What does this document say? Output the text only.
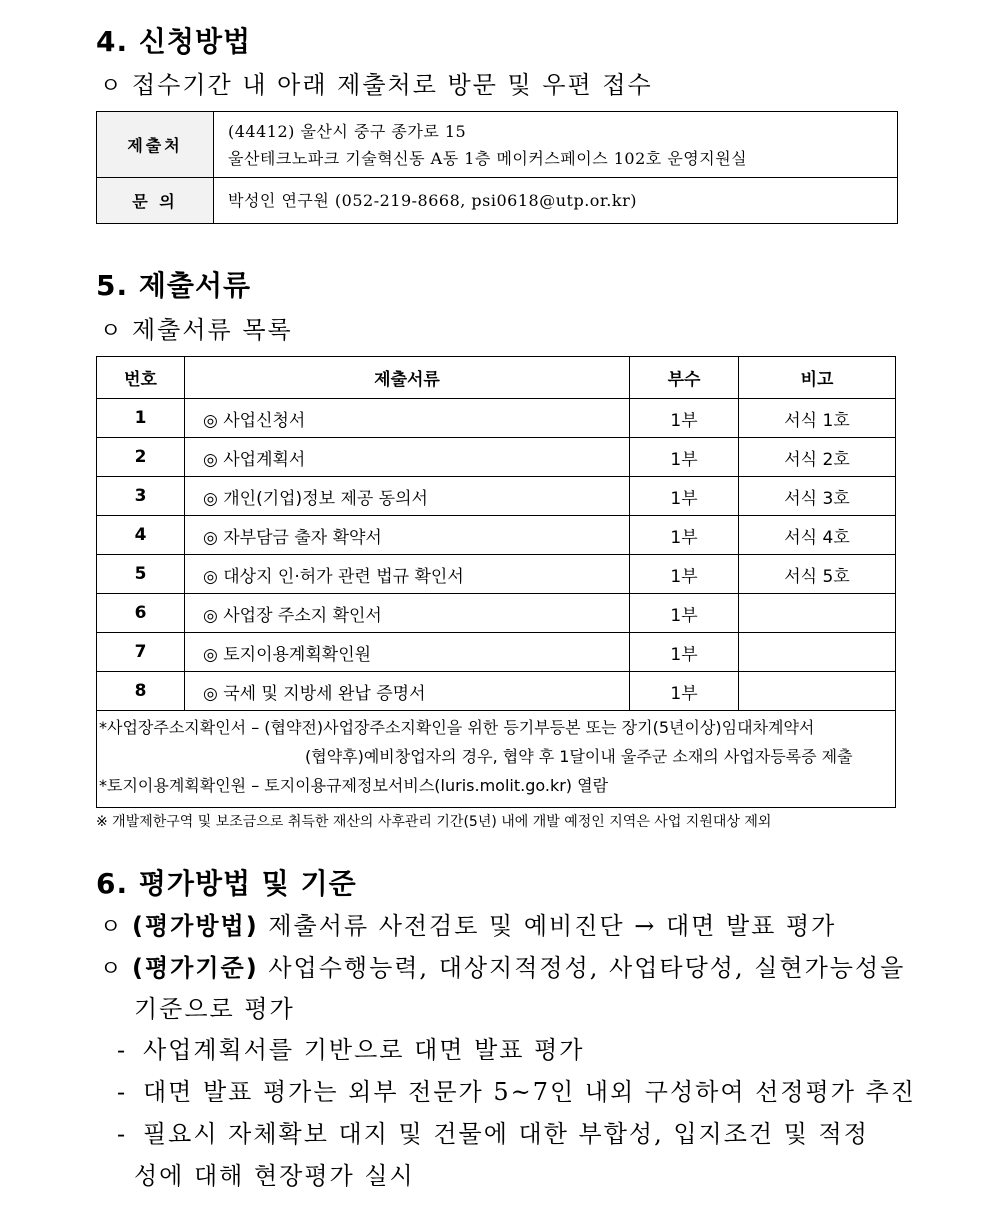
4. 신청방법
ㅇ 접수기간 내 아래 제출처로 방문 및 우편 접수
제출처	(44412) 울산시 중구 종가로 15
울산테크노파크 기술혁신동 A동 1층 메이커스페이스 102호 운영지원실

문 의	박성인 연구원 (052-219-8668, psi0618@utp.or.kr)
5. 제출서류
ㅇ 제출서류 목록
번호	제출서류	부수	비고
1	◎ 사업신청서	1부	서식 1호
2	◎ 사업계획서	1부	서식 2호
3	◎ 개인(기업)정보 제공 동의서	1부	서식 3호
4	◎ 자부담금 출자 확약서	1부	서식 4호
5	◎ 대상지 인·허가 관련 법규 확인서	1부	서식 5호
6	◎ 사업장 주소지 확인서	1부	
7	◎ 토지이용계획확인원	1부	
8	◎ 국세 및 지방세 완납 증명서	1부	

*사업장주소지확인서 – (협약전)사업장주소지확인을 위한 등기부등본 또는 장기(5년이상)임대차계약서
(협약후)예비창업자의 경우, 협약 후 1달이내 울주군 소재의 사업자등록증 제출
*토지이용계획확인원 – 토지이용규제정보서비스(luris.molit.go.kr) 열람			
※ 개발제한구역 및 보조금으로 취득한 재산의 사후관리 기간(5년) 내에 개발 예정인 지역은 사업 지원대상 제외
6. 평가방법 및 기준
ㅇ (평가방법) 제출서류 사전검토 및 예비진단 → 대면 발표 평가
ㅇ (평가기준) 사업수행능력, 대상지적정성, 사업타당성, 실현가능성을
기준으로 평가
- 사업계획서를 기반으로 대면 발표 평가
- 대면 발표 평가는 외부 전문가 5~7인 내외 구성하여 선정평가 추진
- 필요시 자체확보 대지 및 건물에 대한 부합성, 입지조건 및 적정
성에 대해 현장평가 실시
